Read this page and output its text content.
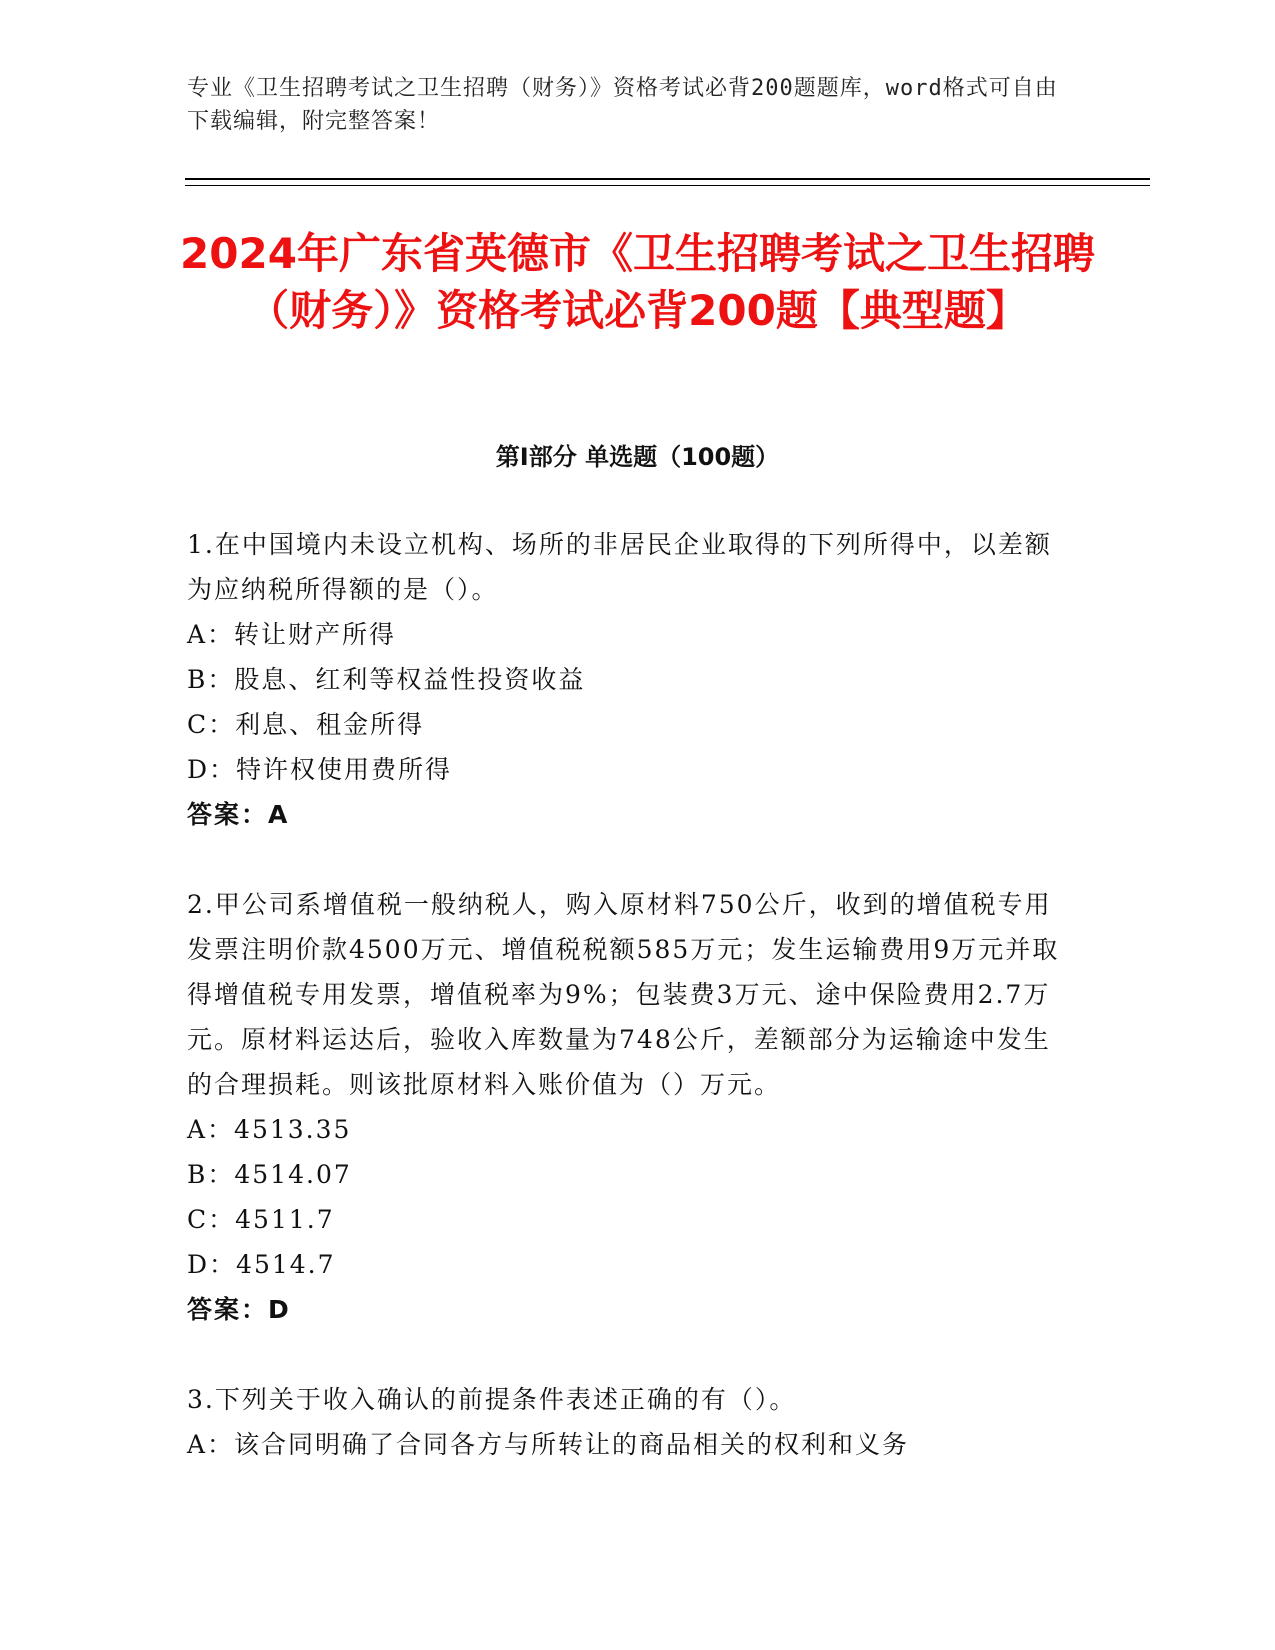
专业《卫生招聘考试之卫生招聘（财务）》资格考试必背200题题库，word格式可自由下载编辑，附完整答案！
2024年广东省英德市《卫生招聘考试之卫生招聘（财务）》资格考试必背200题【典型题】
第I部分 单选题（100题）

1.在中国境内未设立机构、场所的非居民企业取得的下列所得中，以差额为应纳税所得额的是（）。

A：转让财产所得

B：股息、红利等权益性投资收益

C：利息、租金所得

D：特许权使用费所得

答案：A

2.甲公司系增值税一般纳税人，购入原材料750公斤，收到的增值税专用发票注明价款4500万元、增值税税额585万元；发生运输费用9万元并取得增值税专用发票，增值税率为9%；包装费3万元、途中保险费用2.7万元。原材料运达后，验收入库数量为748公斤，差额部分为运输途中发生的合理损耗。则该批原材料入账价值为（）万元。

A：4513.35

B：4514.07

C：4511.7

D：4514.7

答案：D

3.下列关于收入确认的前提条件表述正确的有（）。

A：该合同明确了合同各方与所转让的商品相关的权利和义务
